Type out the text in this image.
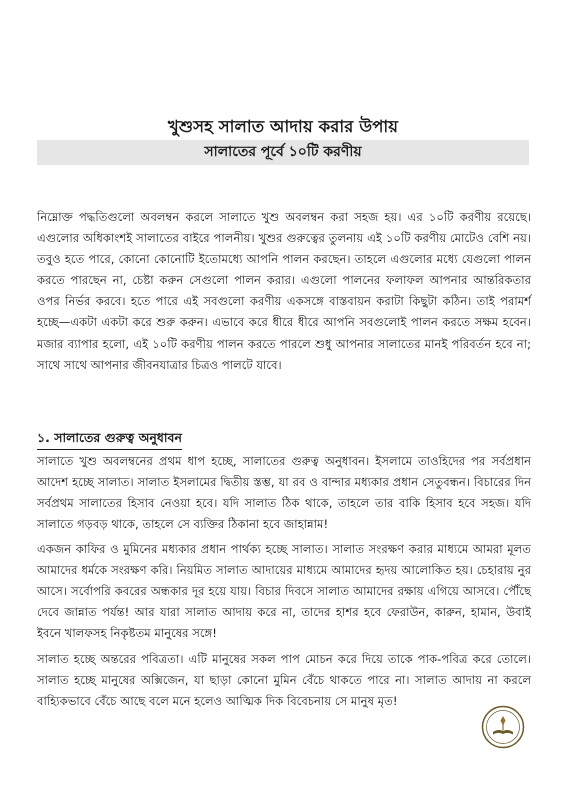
খুশুসহ সালাত আদায় করার উপায়
সালাতের পূর্বে ১০টি করণীয়

নিম্নোক্ত পদ্ধতিগুলো অবলম্বন করলে সালাতে খুশু অবলম্বন করা সহজ হয়। এর ১০টি করণীয় রয়েছে। এগুলোর অধিকাংশই সালাতের বাইরে পালনীয়। খুশুর গুরুত্বের তুলনায় এই ১০টি করণীয় মোটেও বেশি নয়। তবুও হতে পারে, কোনো কোনোটি ইতোমধ্যে আপনি পালন করছেন। তাহলে এগুলোর মধ্যে যেগুলো পালন করতে পারছেন না, চেষ্টা করুন সেগুলো পালন করার। এগুলো পালনের ফলাফল আপনার আন্তরিকতার ওপর নির্ভর করবে। হতে পারে এই সবগুলো করণীয় একসঙ্গে বাস্তবায়ন করাটা কিছুটা কঠিন। তাই পরামর্শ হচ্ছে—একটা একটা করে শুরু করুন। এভাবে করে ধীরে ধীরে আপনি সবগুলোই পালন করতে সক্ষম হবেন। মজার ব্যাপার হলো, এই ১০টি করণীয় পালন করতে পারলে শুধু আপনার সালাতের মানই পরিবর্তন হবে না; সাথে সাথে আপনার জীবনযাত্রার চিত্রও পালটে যাবে।

১. সালাতের গুরুত্ব অনুধাবন

সালাতে খুশু অবলম্বনের প্রথম ধাপ হচ্ছে, সালাতের গুরুত্ব অনুধাবন। ইসলামে তাওহিদের পর সর্বপ্রধান আদেশ হচ্ছে সালাত। সালাত ইসলামের দ্বিতীয় স্তম্ভ, যা রব ও বান্দার মধ্যকার প্রধান সেতুবন্ধন। বিচারের দিন সর্বপ্রথম সালাতের হিসাব নেওয়া হবে। যদি সালাত ঠিক থাকে, তাহলে তার বাকি হিসাব হবে সহজ। যদি সালাতে গড়বড় থাকে, তাহলে সে ব্যক্তির ঠিকানা হবে জাহান্নাম!

একজন কাফির ও মুমিনের মধ্যকার প্রধান পার্থক্য হচ্ছে সালাত। সালাত সংরক্ষণ করার মাধ্যমে আমরা মূলত আমাদের ধর্মকে সংরক্ষণ করি। নিয়মিত সালাত আদায়ের মাধ্যমে আমাদের হৃদয় আলোকিত হয়। চেহারায় নুর আসে। সর্বোপরি কবরের অন্ধকার দূর হয়ে যায়। বিচার দিবসে সালাত আমাদের রক্ষায় এগিয়ে আসবে। পৌঁছে দেবে জান্নাত পর্যন্ত! আর যারা সালাত আদায় করে না, তাদের হাশর হবে ফেরাউন, কারুন, হামান, উবাই ইবনে খালফসহ নিকৃষ্টতম মানুষের সঙ্গে!

সালাত হচ্ছে অন্তরের পবিত্রতা। এটি মানুষের সকল পাপ মোচন করে দিয়ে তাকে পাক-পবিত্র করে তোলে। সালাত হচ্ছে মানুষের অক্সিজেন, যা ছাড়া কোনো মুমিন বেঁচে থাকতে পারে না। সালাত আদায় না করলে বাহ্যিকভাবে বেঁচে আছে বলে মনে হলেও আত্মিক দিক বিবেচনায় সে মানুষ মৃত!
